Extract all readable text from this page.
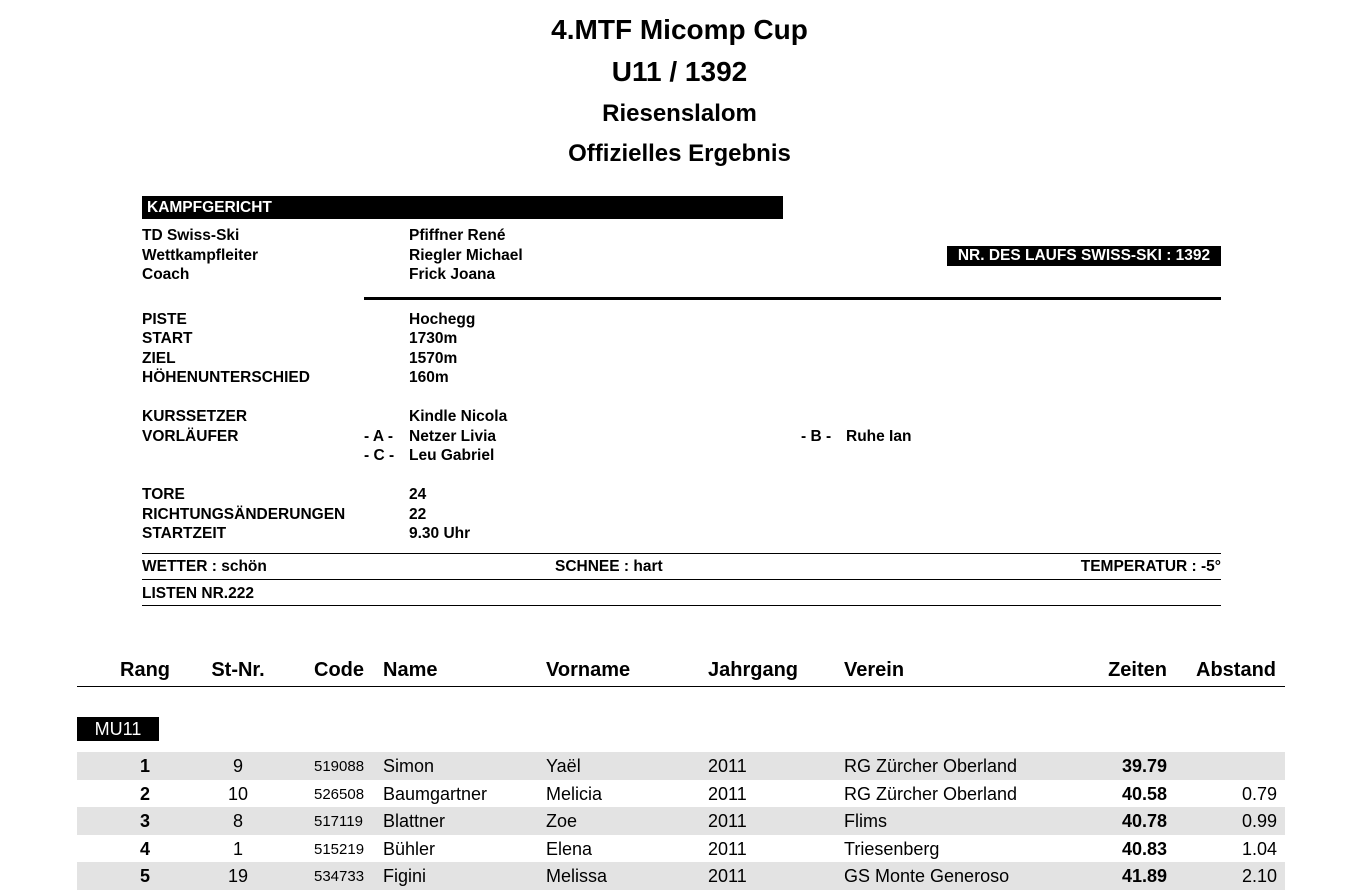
4.MTF Micomp Cup
U11 / 1392
Riesenslalom
Offizielles Ergebnis
KAMPFGERICHT
TD Swiss-Ski	Pfiffner René
Wettkampfleiter	Riegler Michael
Coach	Frick Joana
NR. DES LAUFS SWISS-SKI : 1392
PISTE	Hochegg
START	1730m
ZIEL	1570m
HÖHENUNTERSCHIED	160m
KURSSETZER	Kindle Nicola
VORLÄUFER	- A - Netzer Livia	- B - Ruhe Ian
- C - Leu Gabriel
TORE	24
RICHTUNGSÄNDERUNGEN	22
STARTZEIT	9.30 Uhr
WETTER : schön	SCHNEE : hart	TEMPERATUR : -5°
LISTEN NR.222
Rang	St-Nr.	Code Name	Vorname	Jahrgang Verein	Zeiten	Abstand
MU11
1	9	519088 Simon	Yaël	2011	RG Zürcher Oberland	39.79
2	10	526508 Baumgartner	Melicia	2011	RG Zürcher Oberland	40.58	0.79
3	8	517119 Blattner	Zoe	2011	Flims	40.78	0.99
4	1	515219 Bühler	Elena	2011	Triesenberg	40.83	1.04
5	19	534733 Figini	Melissa	2011	GS Monte Generoso	41.89	2.10
